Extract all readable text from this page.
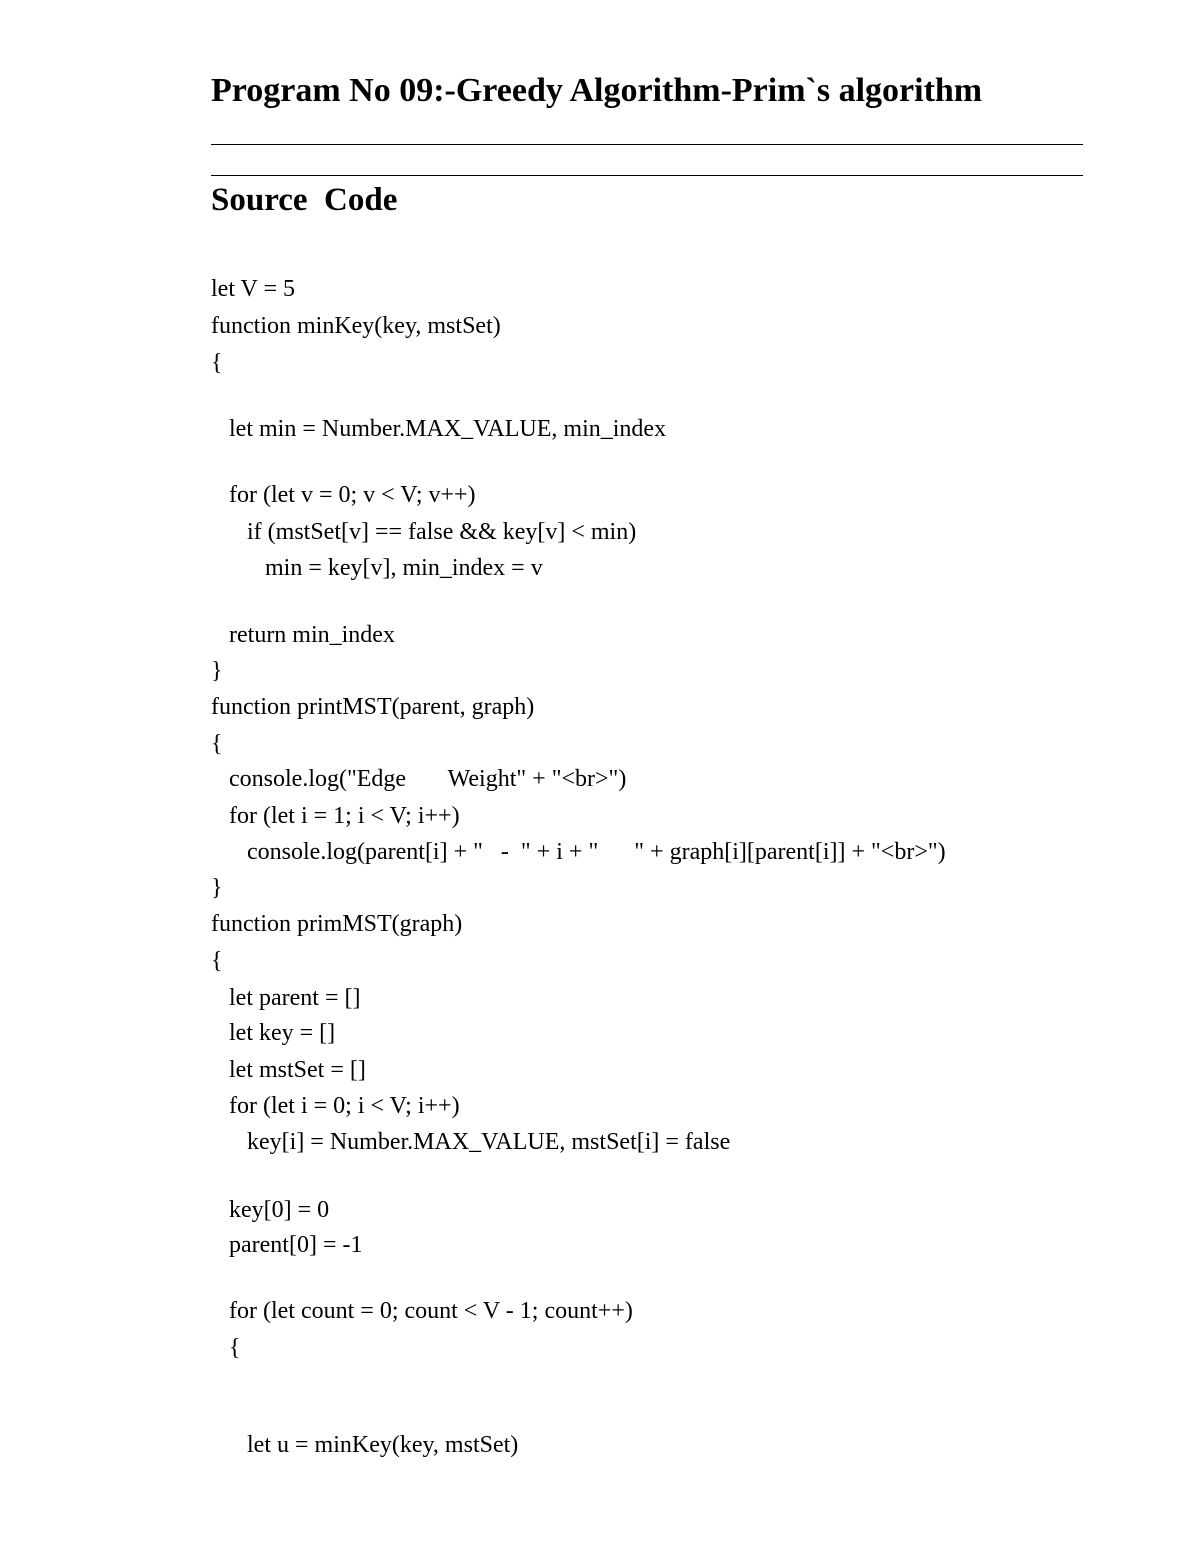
Program No 09:-Greedy Algorithm-Prim`s algorithm
Source  Code
let V = 5
function minKey(key, mstSet)
{
let min = Number.MAX_VALUE, min_index
for (let v = 0; v < V; v++)
if (mstSet[v] == false && key[v] < min)
min = key[v], min_index = v
return min_index
}
function printMST(parent, graph)
{
console.log("Edge       Weight" + "<br>")
for (let i = 1; i < V; i++)
console.log(parent[i] + "   -  " + i + "      " + graph[i][parent[i]] + "<br>")
}
function primMST(graph)
{
let parent = []
let key = []
let mstSet = []
for (let i = 0; i < V; i++)
key[i] = Number.MAX_VALUE, mstSet[i] = false
key[0] = 0
parent[0] = -1
for (let count = 0; count < V - 1; count++)
{
let u = minKey(key, mstSet)
